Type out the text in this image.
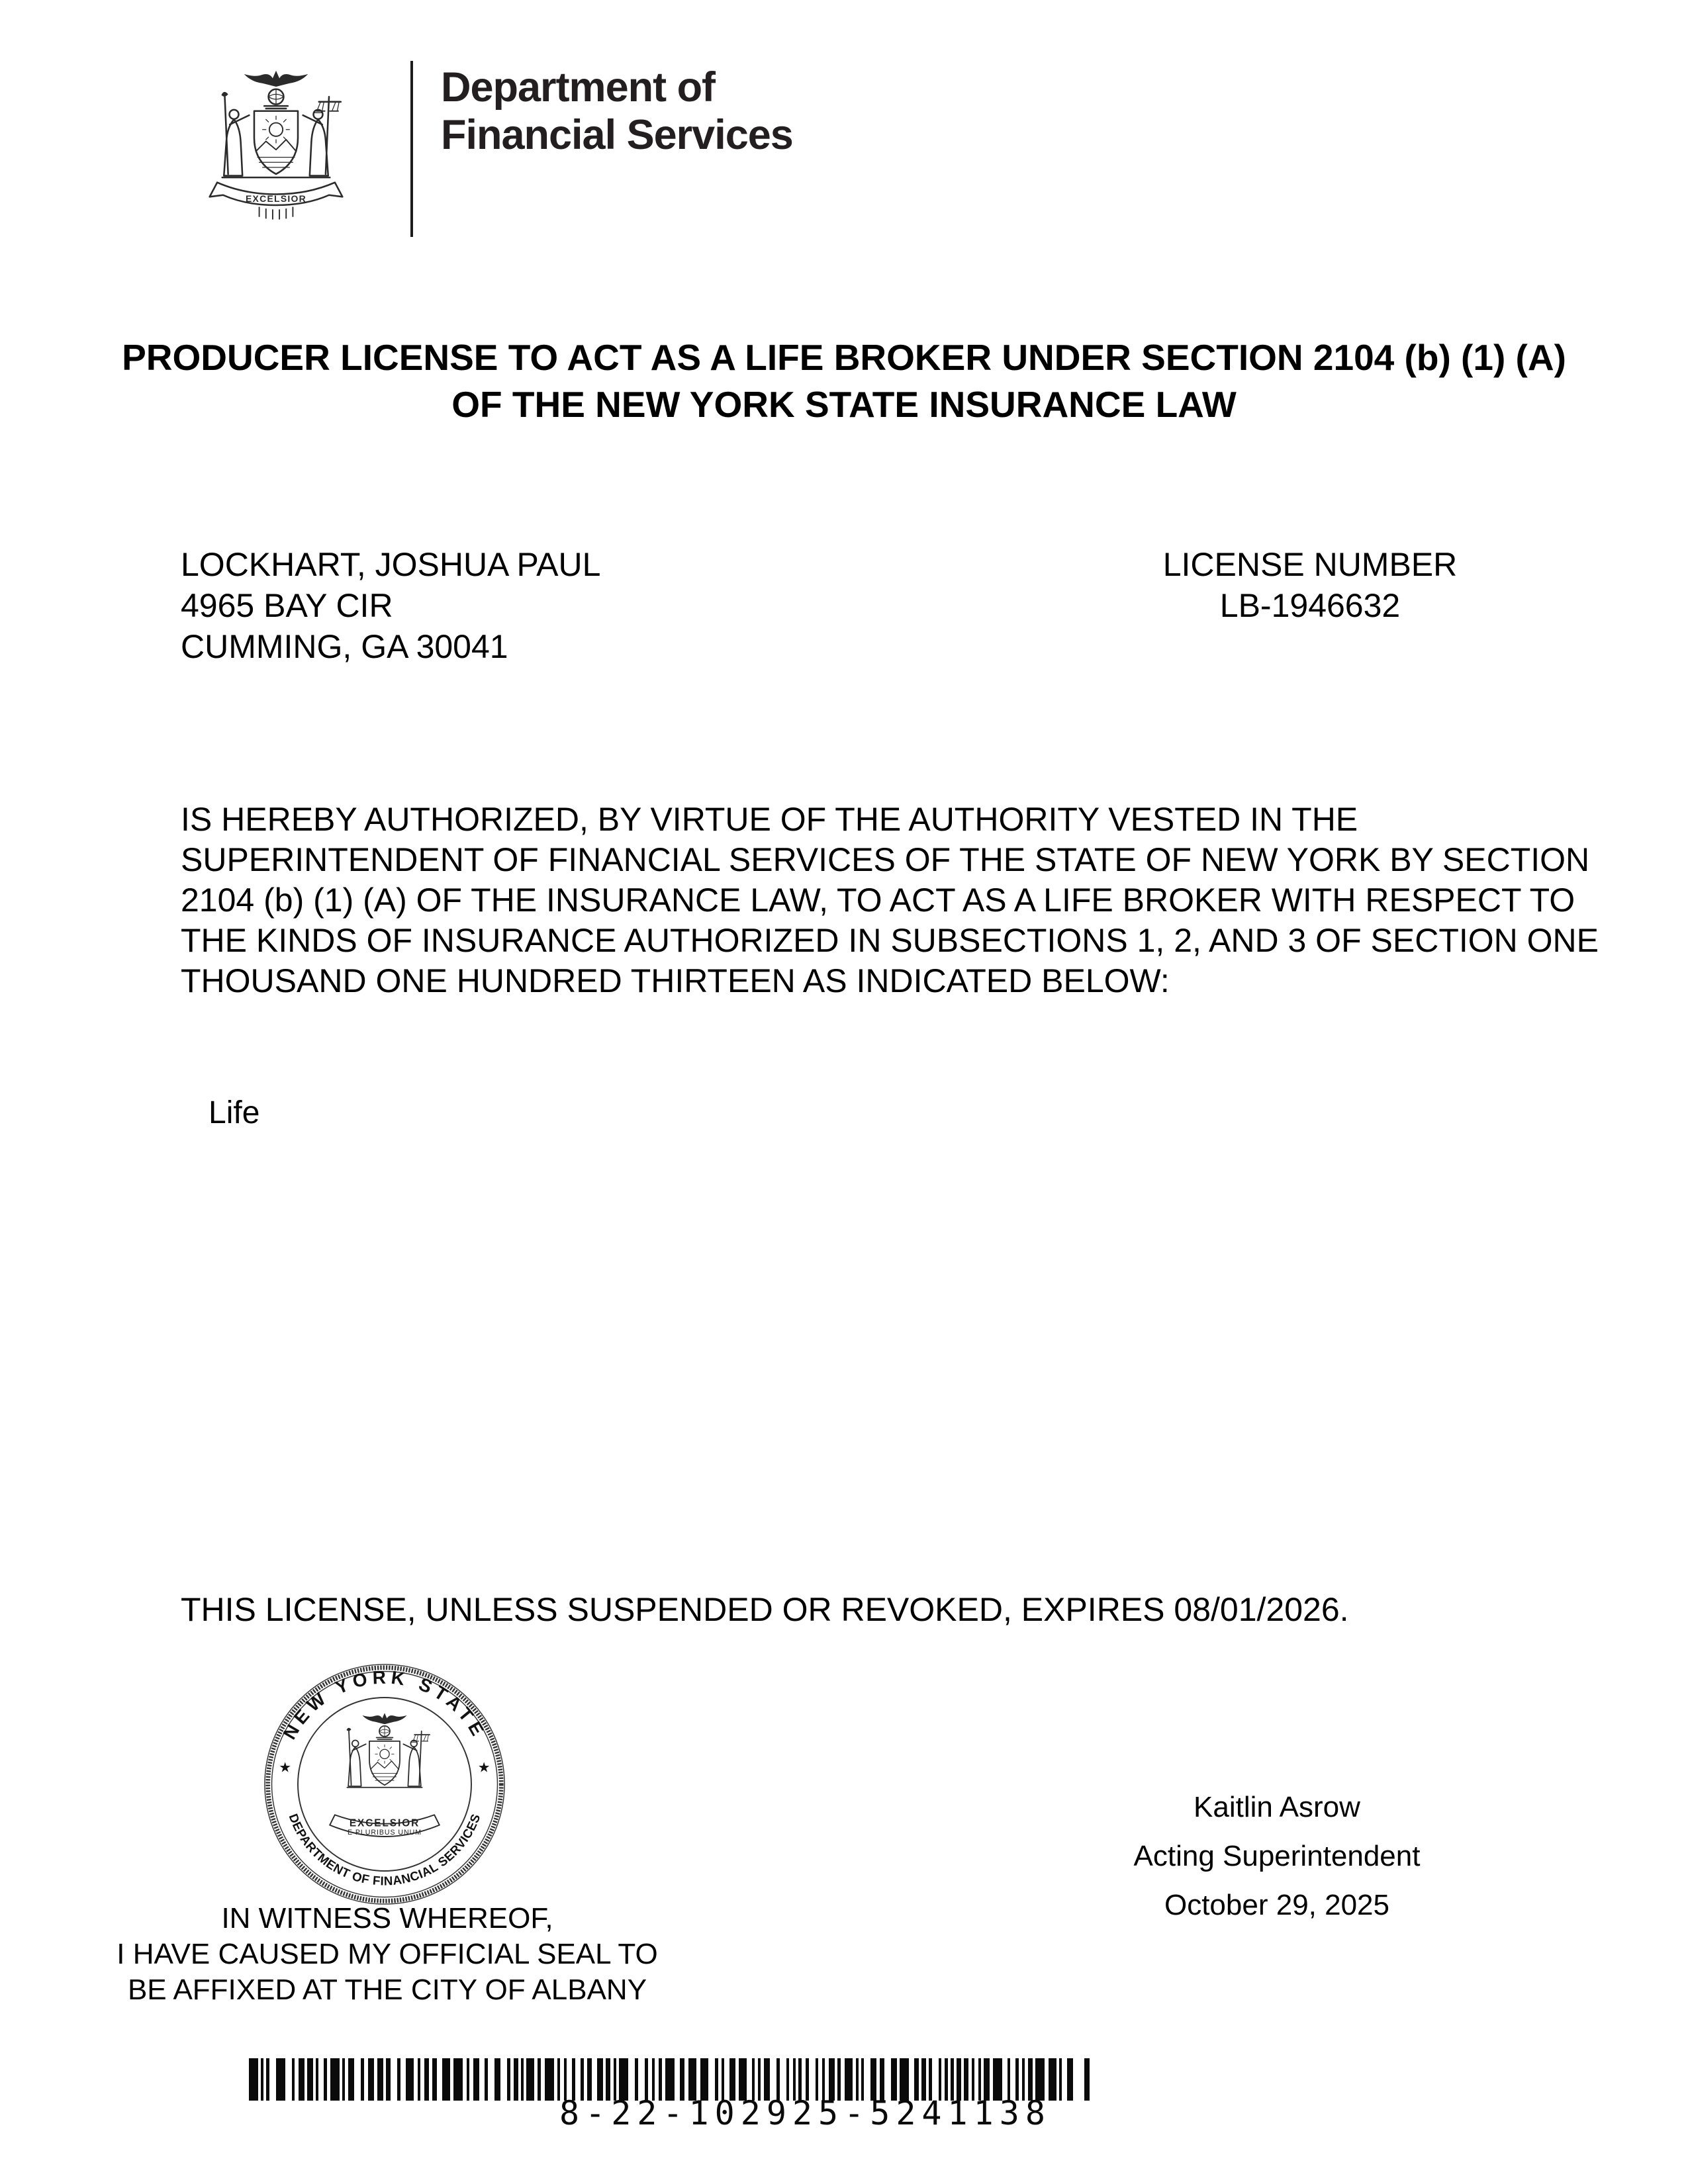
EXCELSIOR
Department of
Financial Services
PRODUCER LICENSE TO ACT AS A LIFE BROKER UNDER SECTION 2104 (b) (1) (A)
OF THE NEW YORK STATE INSURANCE LAW
LOCKHART, JOSHUA PAUL
4965 BAY CIR
CUMMING, GA 30041
LICENSE NUMBER
LB-1946632
IS HEREBY AUTHORIZED, BY VIRTUE OF THE AUTHORITY VESTED IN THE
SUPERINTENDENT OF FINANCIAL SERVICES OF THE STATE OF NEW YORK BY SECTION
2104 (b) (1) (A) OF THE INSURANCE LAW, TO ACT AS A LIFE BROKER WITH RESPECT TO
THE KINDS OF INSURANCE AUTHORIZED IN SUBSECTIONS 1, 2, AND 3 OF SECTION ONE
THOUSAND ONE HUNDRED THIRTEEN AS INDICATED BELOW:
Life
THIS LICENSE, UNLESS SUSPENDED OR REVOKED, EXPIRES 08/01/2026.
NEW YORK STATE
DEPARTMENT OF FINANCIAL SERVICES
★	★
EXCELSIOR
E PLURIBUS UNUM
IN WITNESS WHEREOF,
I HAVE CAUSED MY OFFICIAL SEAL TO
BE AFFIXED AT THE CITY OF ALBANY
Kaitlin Asrow
Acting Superintendent
October 29, 2025
8-22-102925-5241138
